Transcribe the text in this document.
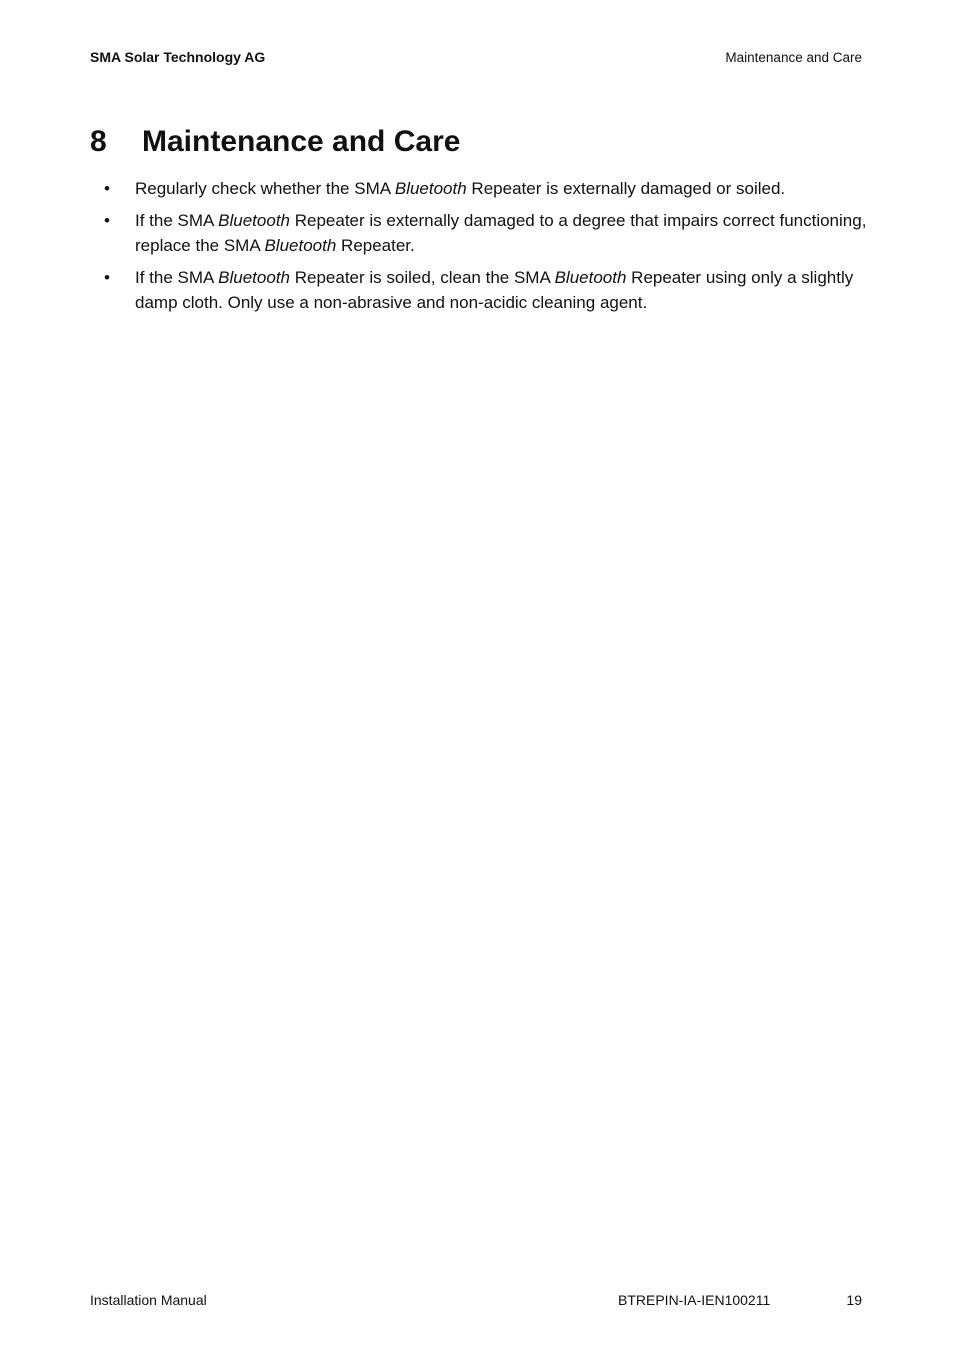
SMA Solar Technology AG	Maintenance and Care
8 Maintenance and Care
• Regularly check whether the SMA Bluetooth Repeater is externally damaged or soiled.
• If the SMA Bluetooth Repeater is externally damaged to a degree that impairs correct functioning, replace the SMA Bluetooth Repeater.
• If the SMA Bluetooth Repeater is soiled, clean the SMA Bluetooth Repeater using only a slightly damp cloth. Only use a non-abrasive and non-acidic cleaning agent.
Installation Manual	BTREPIN-IA-IEN100211	19
